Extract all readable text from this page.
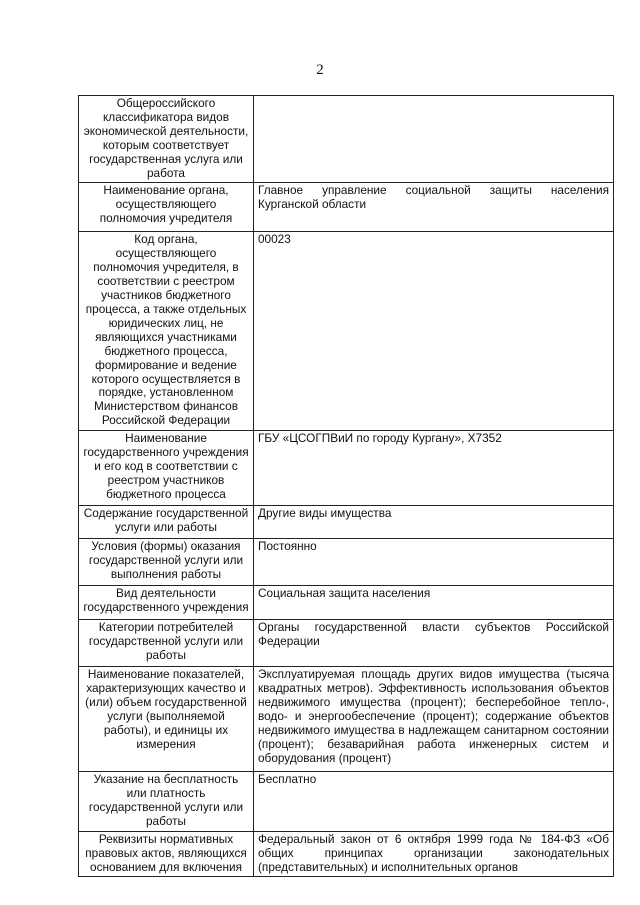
2
Общероссийского классификатора видов экономической деятельности, которым соответствует государственная услуга или работа	
Наименование органа, осуществляющего полномочия учредителя	Главное управление социальной защиты населения Курганской области
Код органа, осуществляющего полномочия учредителя, в соответствии с реестром участников бюджетного процесса, а также отдельных юридических лиц, не являющихся участниками бюджетного процесса, формирование и ведение которого осуществляется в порядке, установленном Министерством финансов Российской Федерации	00023
Наименование государственного учреждения и его код в соответствии с реестром участников бюджетного процесса	ГБУ «ЦСОГПВиИ по городу Кургану», Х7352
Содержание государственной услуги или работы	Другие виды имущества
Условия (формы) оказания государственной услуги или выполнения работы	Постоянно
Вид деятельности государственного учреждения	Социальная защита населения
Категории потребителей государственной услуги или работы	Органы государственной власти субъектов Российской Федерации
Наименование показателей, характеризующих качество и (или) объем государственной услуги (выполняемой работы), и единицы их измерения	Эксплуатируемая площадь других видов имущества (тысяча квадратных метров). Эффективность использования объектов недвижимого имущества (процент); бесперебойное тепло-, водо- и энергообеспечение (процент); содержание объектов недвижимого имущества в надлежащем санитарном состоянии (процент); безаварийная работа инженерных систем и оборудования (процент)
Указание на бесплатность или платность государственной услуги или работы	Бесплатно
Реквизиты нормативных правовых актов, являющихся основанием для включения	Федеральный закон от 6 октября 1999 года № 184-ФЗ «Об общих принципах организации законодательных (представительных) и исполнительных органов
